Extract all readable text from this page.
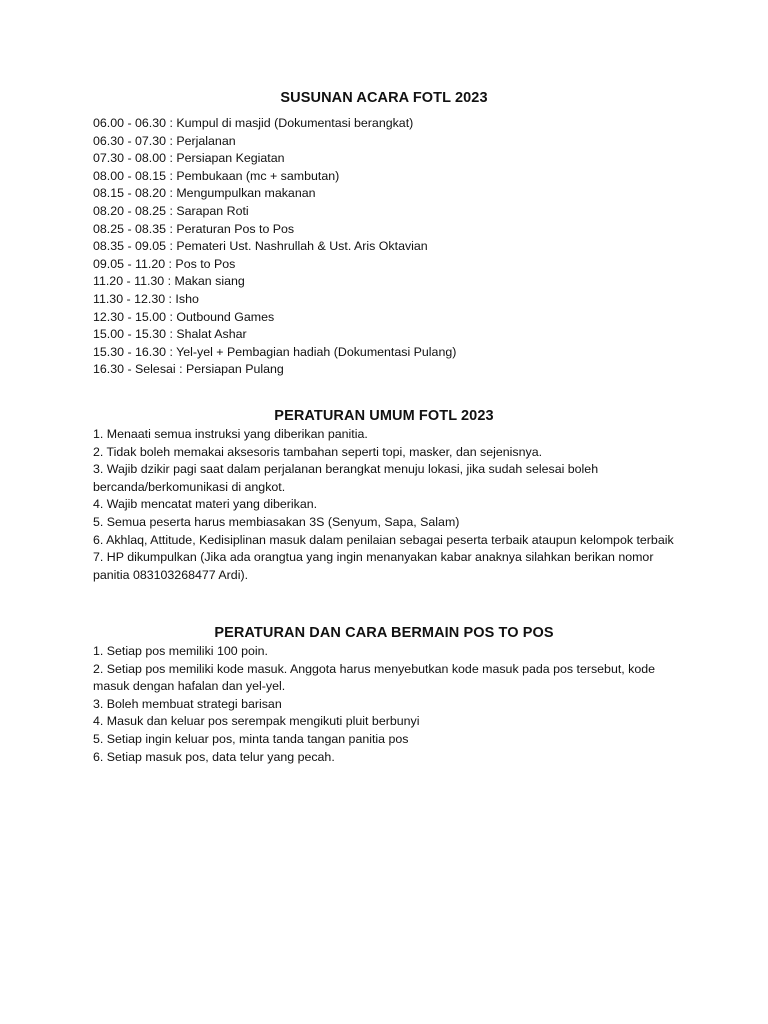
SUSUNAN ACARA FOTL 2023
06.00 - 06.30 : Kumpul di masjid (Dokumentasi berangkat)
06.30 - 07.30 : Perjalanan
07.30 - 08.00 : Persiapan Kegiatan
08.00 - 08.15 : Pembukaan (mc + sambutan)
08.15 - 08.20 : Mengumpulkan makanan
08.20 - 08.25 : Sarapan Roti
08.25 - 08.35 : Peraturan Pos to Pos
08.35 - 09.05 : Pemateri Ust. Nashrullah & Ust. Aris Oktavian
09.05 - 11.20 : Pos to Pos
11.20 - 11.30 : Makan siang
11.30 - 12.30 : Isho
12.30 - 15.00 : Outbound Games
15.00 - 15.30 : Shalat Ashar
15.30 - 16.30 : Yel-yel + Pembagian hadiah (Dokumentasi Pulang)
16.30 - Selesai : Persiapan Pulang
PERATURAN UMUM FOTL 2023
1. Menaati semua instruksi yang diberikan panitia.
2. Tidak boleh memakai aksesoris tambahan seperti topi, masker, dan sejenisnya.
3. Wajib dzikir pagi saat dalam perjalanan berangkat menuju lokasi, jika sudah selesai boleh bercanda/berkomunikasi di angkot.
4. Wajib mencatat materi yang diberikan.
5. Semua peserta harus membiasakan 3S (Senyum, Sapa, Salam)
6. Akhlaq, Attitude, Kedisiplinan masuk dalam penilaian sebagai peserta terbaik ataupun kelompok terbaik
7. HP dikumpulkan (Jika ada orangtua yang ingin menanyakan kabar anaknya silahkan berikan nomor panitia 083103268477 Ardi).
PERATURAN DAN CARA BERMAIN POS TO POS
1. Setiap pos memiliki 100 poin.
2. Setiap pos memiliki kode masuk. Anggota harus menyebutkan kode masuk pada pos tersebut, kode masuk dengan hafalan dan yel-yel.
3. Boleh membuat strategi barisan
4. Masuk dan keluar pos serempak mengikuti pluit berbunyi
5. Setiap ingin keluar pos, minta tanda tangan panitia pos
6. Setiap masuk pos, data telur yang pecah.
